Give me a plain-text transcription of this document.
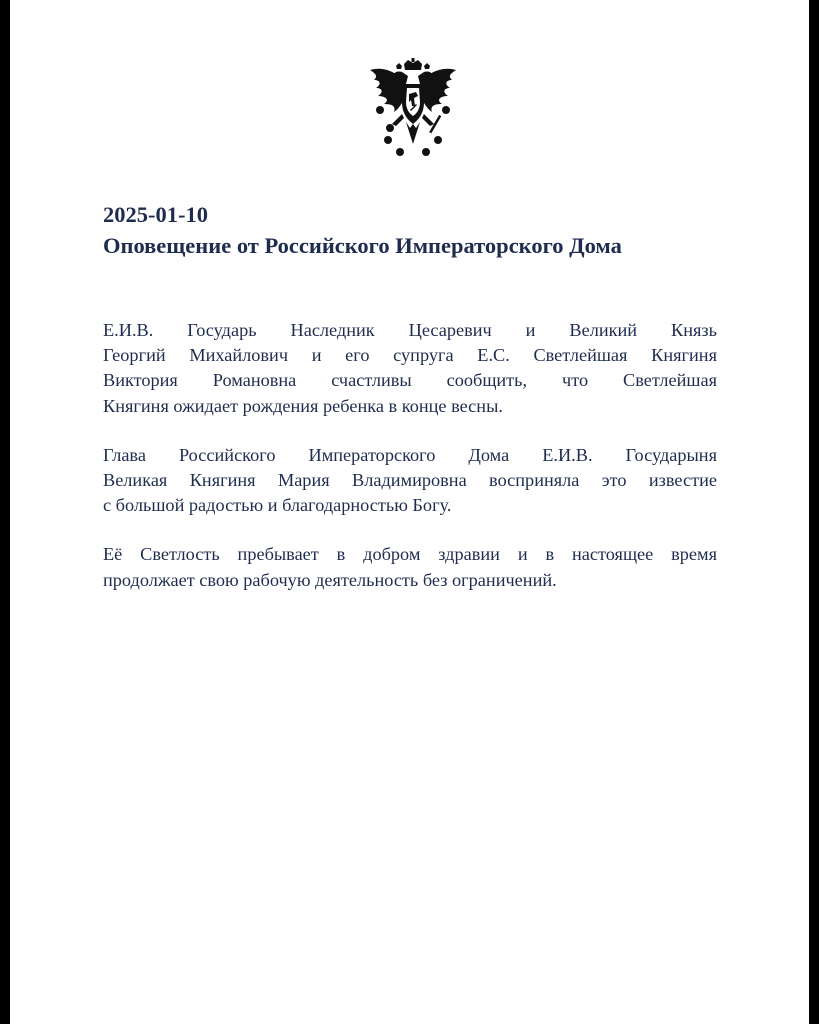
2025-01-10
Оповещение от Российского Императорского Дома

Е.И.В. Государь Наследник Цесаревич и Великий Князь
Георгий Михайлович и его супруга Е.С. Светлейшая Княгиня
Виктория Романовна счастливы сообщить, что Светлейшая
Княгиня ожидает рождения ребенка в конце весны.

Глава Российского Императорского Дома Е.И.В. Государыня
Великая Княгиня Мария Владимировна восприняла это известие
с большой радостью и благодарностью Богу.

Её Светлость пребывает в добром здравии и в настоящее время
продолжает свою рабочую деятельность без ограничений.
